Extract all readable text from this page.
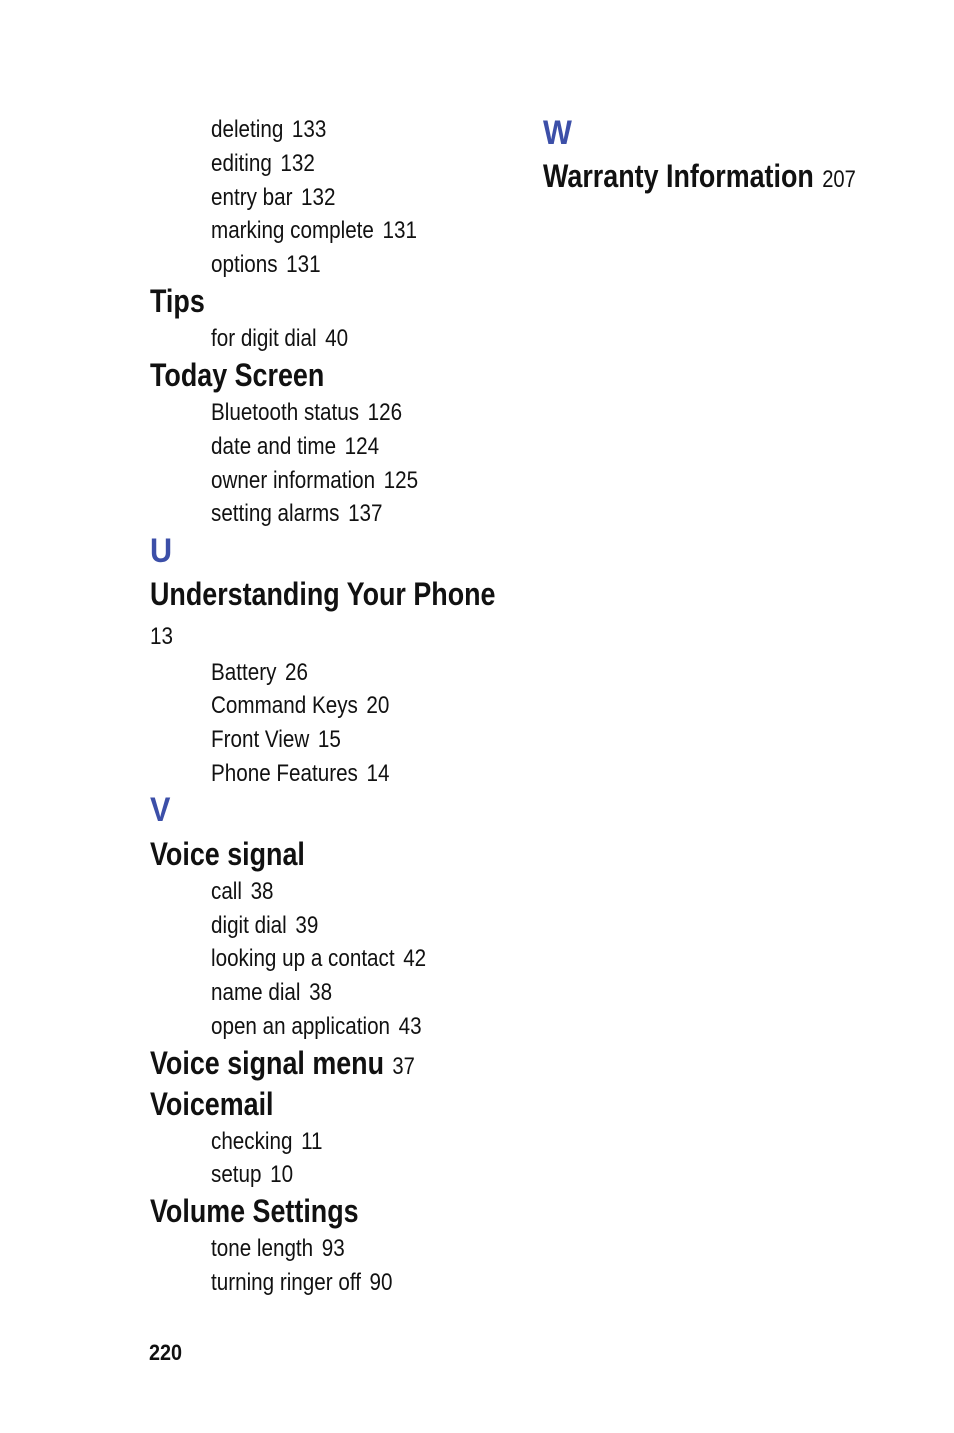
deleting 133
editing 132
entry bar 132
marking complete 131
options 131
Tips
for digit dial 40
Today Screen
Bluetooth status 126
date and time 124
owner information 125
setting alarms 137
U
Understanding Your Phone
13
Battery 26
Command Keys 20
Front View 15
Phone Features 14
V
Voice signal
call 38
digit dial 39
looking up a contact 42
name dial 38
open an application 43
Voice signal menu 37
Voicemail
checking 11
setup 10
Volume Settings
tone length 93
turning ringer off 90
W
Warranty Information 207
220
